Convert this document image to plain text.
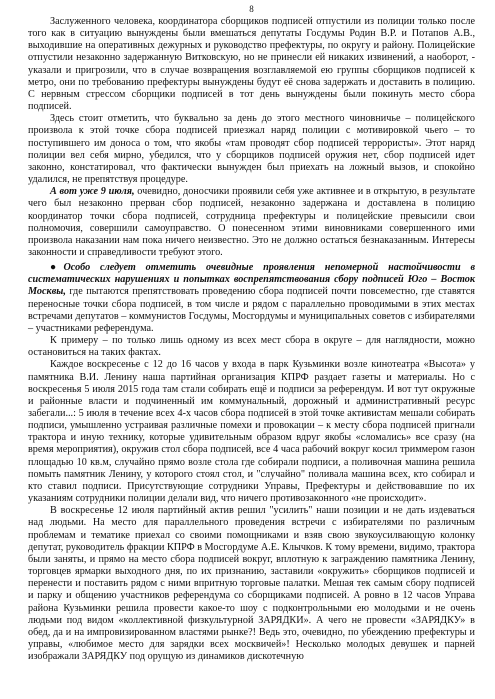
8

Заслуженного человека, координатора сборщиков подписей отпустили из полиции только после того как в ситуацию вынуждены были вмешаться депутаты Госдумы Родин В.Р. и Потапов А.В., выходившие на оперативных дежурных и руководство префектуры, по округу и району. Полицейские отпустили незаконно задержанную Витковскую, но не принесли ей никаких извинений, а наоборот, - указали и пригрозили, что в случае возвращения возглавляемой ею группы сборщиков подписей к метро, они по требованию префектуры вынуждены будут её снова задержать и доставить в полицию. С нервным стрессом сборщики подписей в тот день вынуждены были покинуть место сбора подписей.

Здесь стоит отметить, что буквально за день до этого местного чиновничье – полицейского произвола к этой точке сбора подписей приезжал наряд полиции с мотивировкой чьего – то поступившего им доноса о том, что якобы «там проводят сбор подписей террористы». Этот наряд полиции вел себя мирно, убедился, что у сборщиков подписей оружия нет, сбор подписей идет законно, констатировал, что фактически вынужден был приехать на ложный вызов, и спокойно удалился, не препятствуя процедуре.

А вот уже 9 июля, очевидно, доносчики проявили себя уже активнее и в открытую, в результате чего был незаконно прерван сбор подписей, незаконно задержана и доставлена в полицию координатор точки сбора подписей, сотрудница префектуры и полицейские превысили свои полномочия, совершили самоуправство. О понесенном этими виновниками совершенного ими произвола наказании нам пока ничего неизвестно. Это не должно остаться безнаказанным. Интересы законности и справедливости требуют этого.

●Особо следует отметить очевидные проявления непомерной настойчивости в систематических нарушениях и попытках воспрепятствования сбору подписей Юго – Восток Москвы, где пытаются препятствовать проведению сбора подписей почти повсеместно, где ставятся переносные точки сбора подписей, в том числе и рядом с параллельно проводимыми в этих местах встречами депутатов – коммунистов Госдумы, Мосгордумы и муниципальных советов с избирателями – участниками референдума.

К примеру – по только лишь одному из всех мест сбора в округе – для наглядности, можно остановиться на таких фактах.

Каждое воскресенье с 12 до 16 часов у входа в парк Кузьминки возле кинотеатра «Высота» у памятника В.И. Ленину наша партийная организация КПРФ раздает газеты и материалы. Но с воскресенья 5 июля 2015 года там стали собирать ещё и подписи за референдум. И вот тут окружные и районные власти и подчиненный им коммунальный, дорожный и административный ресурс забегали...: 5 июля в течение всех 4-х часов сбора подписей в этой точке активистам мешали собирать подписи, умышленно устраивая различные помехи и провокации – к месту сбора подписей пригнали трактора и иную технику, которые удивительным образом вдруг якобы «сломались» все сразу (на время мероприятия), окружив стол сбора подписей, все 4 часа рабочий вокруг косил триммером газон площадью 10 кв.м, случайно прямо возле стола где собирали подписи, а поливочная машина решила помыть памятник Ленину, у которого стоял стол, и "случайно" поливала машина всех, кто собирал и кто ставил подписи. Присутствующие сотрудники Управы, Префектуры и действовавшие по их указаниям сотрудники полиции делали вид, что ничего противозаконного «не происходит».

В воскресенье 12 июля партийный актив решил "усилить" наши позиции и не дать издеваться над людьми. На место для параллельного проведения встречи с избирателями по различным проблемам и тематике приехал со своими помощниками и взяв свою звукоусилвающую колонку депутат, руководитель фракции КПРФ в Мосгордуме А.Е. Клычков. К тому времени, видимо, трактора были заняты, и прямо на место сбора подписей вокруг, вплотную к заграждению памятника Ленину, торговцев ярмарки выходного дня, по их признанию, заставили «окружить» сборщиков подписей и перенести и поставить рядом с ними впритную торговые палатки. Мешая тек самым сбору подписей и парку и общению участников референдума со сборщиками подписей. А ровно в 12 часов Управа района Кузьминки решила провести какое-то шоу с подконтрольными ею молодыми и не очень людьми под видом «коллективной физкультурной ЗАРЯДКИ». А чего не провести «ЗАРЯДКУ» в обед, да и на импровизированном властями рынке?! Ведь это, очевидно, по убеждению префектуры и управы, «любимое место для зарядки всех москвичей»! Несколько молодых девушек и парней изображали ЗАРЯДКУ под орущую из динамиков дискотечную
